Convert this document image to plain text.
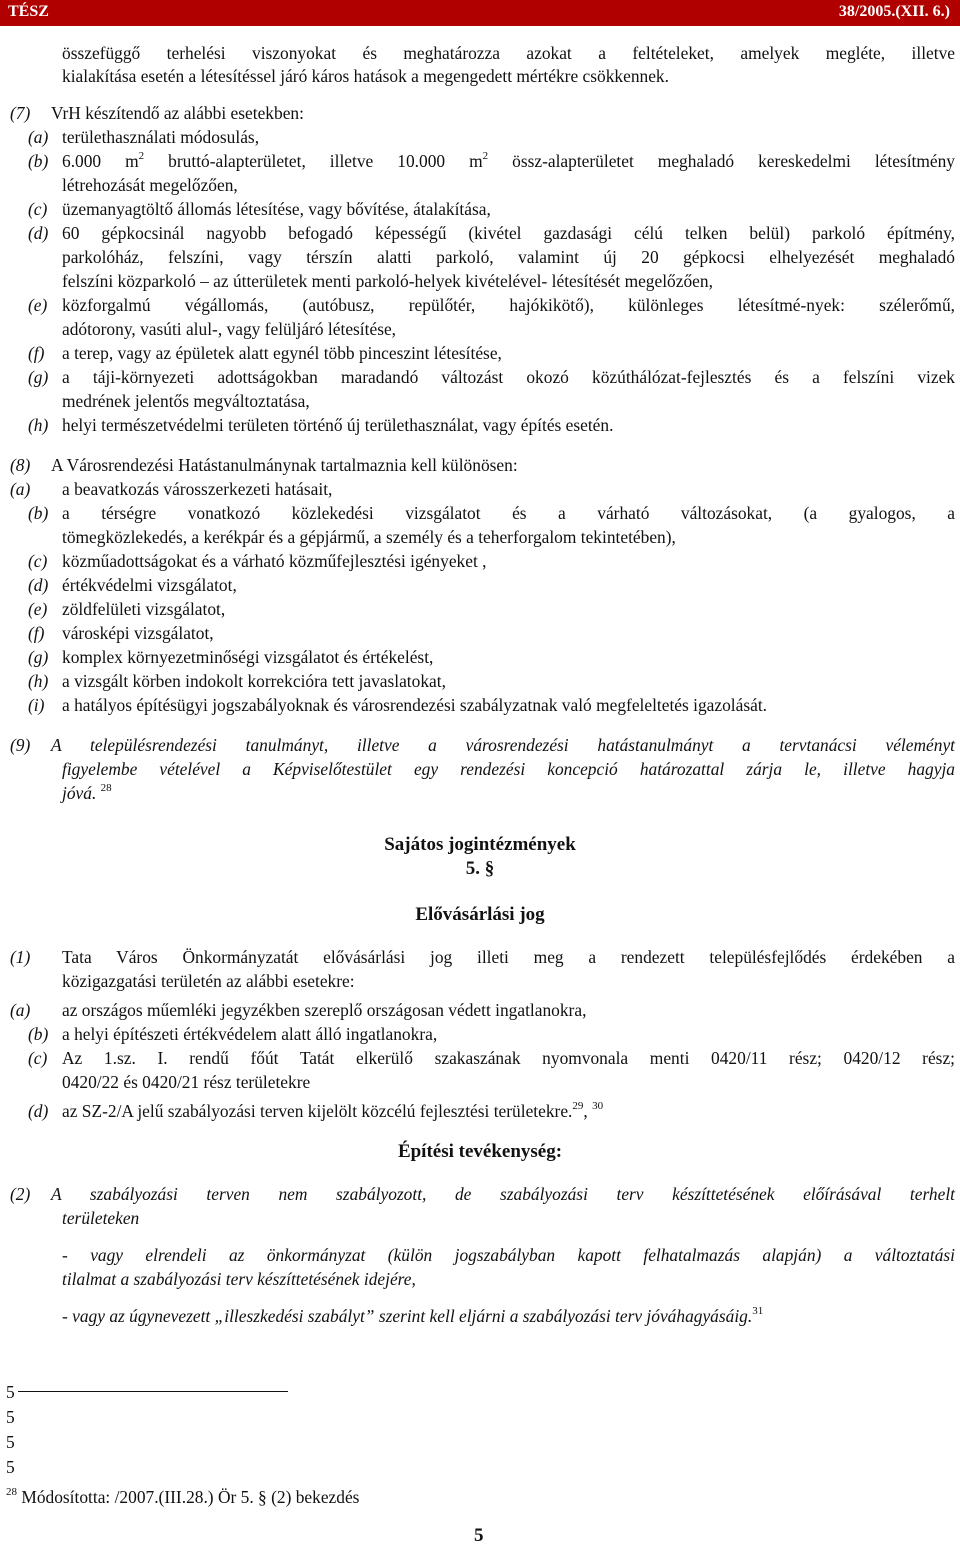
TÉSZ	38/2005.(XII. 6.)
összefüggő terhelési viszonyokat és meghatározza azokat a feltételeket, amelyek megléte, illetve
kialakítása esetén a létesítéssel járó káros hatások a megengedett mértékre csökkennek.
(7) VrH készítendő az alábbi esetekben:
(a) területhasználati módosulás,
(b) 6.000 $m^2$ bruttó-alapterületet, illetve 10.000 $m^2$ össz-alapterületet meghaladó kereskedelmi létesítmény
létrehozását megelőzően,
(c) üzemanyagtöltő állomás létesítése, vagy bővítése, átalakítása,
(d) 60 gépkocsinál nagyobb befogadó képességű (kivétel gazdasági célú telken belül) parkoló építmény,
parkolóház, felszíni, vagy térszín alatti parkoló, valamint új 20 gépkocsi elhelyezését meghaladó
felszíni közparkoló – az útterületek menti parkoló-helyek kivételével- létesítését megelőzően,
(e) közforgalmú végállomás, (autóbusz, repülőtér, hajókikötő), különleges létesítmé-nyek: szélerőmű,
adótorony, vasúti alul-, vagy felüljáró létesítése,
(f) a terep, vagy az épületek alatt egynél több pinceszint létesítése,
(g) a táji-környezeti adottságokban maradandó változást okozó közúthálózat-fejlesztés és a felszíni vizek
medrének jelentős megváltoztatása,
(h) helyi természetvédelmi területen történő új területhasználat, vagy építés esetén.
(8) A Városrendezési Hatástanulmánynak tartalmaznia kell különösen:
(a) a beavatkozás városszerkezeti hatásait,
(b) a térségre vonatkozó közlekedési vizsgálatot és a várható változásokat, (a gyalogos, a
tömegközlekedés, a kerékpár és a gépjármű, a személy és a teherforgalom tekintetében),
(c) közműadottságokat és a várható közműfejlesztési igényeket ,
(d) értékvédelmi vizsgálatot,
(e) zöldfelületi vizsgálatot,
(f) városképi vizsgálatot,
(g) komplex környezetminőségi vizsgálatot és értékelést,
(h) a vizsgált körben indokolt korrekcióra tett javaslatokat,
(i) a hatályos építésügyi jogszabályoknak és városrendezési szabályzatnak való megfeleltetés igazolását.
(9) A településrendezési tanulmányt, illetve a városrendezési hatástanulmányt a tervtanácsi véleményt
figyelembe vételével a Képviselőtestület egy rendezési koncepció határozattal zárja le, illetve hagyja
jóvá. $^{28}$
Sajátos jogintézmények
5. §
Elővásárlási jog
(1) Tata Város Önkormányzatát elővásárlási jog illeti meg a rendezett településfejlődés érdekében a
közigazgatási területén az alábbi esetekre:
(a) az országos műemléki jegyzékben szereplő országosan védett ingatlanokra,
(b) a helyi építészeti értékvédelem alatt álló ingatlanokra,
(c) Az 1.sz. I. rendű főút Tatát elkerülő szakaszának nyomvonala menti 0420/11 rész; 0420/12 rész;
0420/22 és 0420/21 rész területekre
(d) az SZ-2/A jelű szabályozási terven kijelölt közcélú fejlesztési területekre.$^{29}$, $^{30}$
Építési tevékenység:
(2) A szabályozási terven nem szabályozott, de szabályozási terv készíttetésének előírásával terhelt
területeken
- vagy elrendeli az önkormányzat (külön jogszabályban kapott felhatalmazás alapján) a változtatási
tilalmat a szabályozási terv készíttetésének idejére,
- vagy az úgynevezett „illeszkedési szabályt” szerint kell eljárni a szabályozási terv jóváhagyásáig.$^{31}$
5
5
5
5
$^{28}$ Módosította: /2007.(III.28.) Ör 5. § (2) bekezdés
5
